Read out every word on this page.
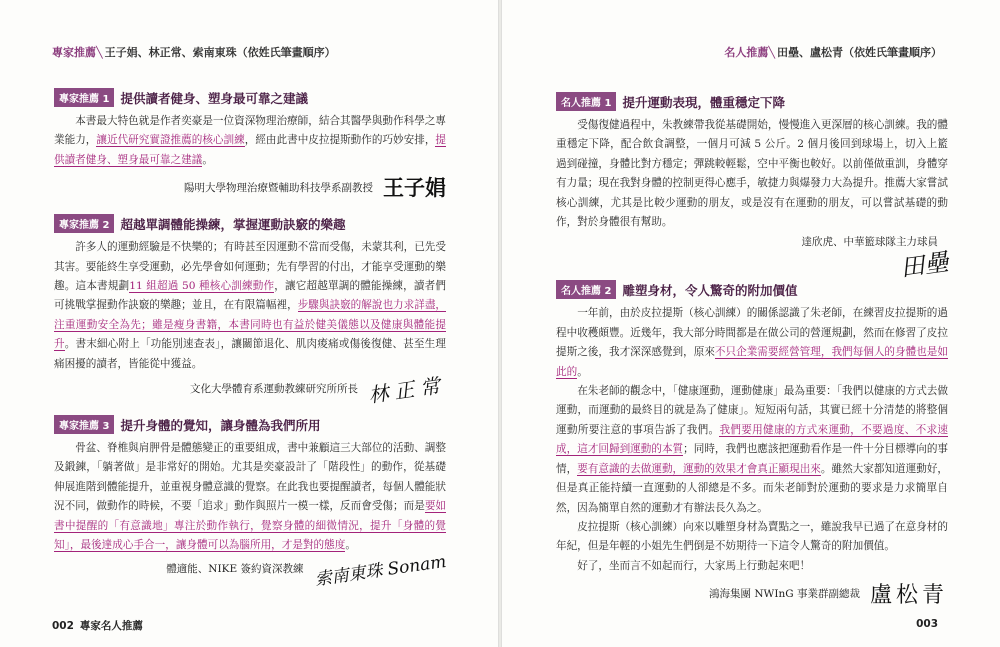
專家推薦╲ 王子娟、林正常、索南東珠（依姓氏筆畫順序）
專家推薦 1 提供讀者健身、塑身最可靠之建議

本書最大特色就是作者奕豪是一位資深物理治療師，結合其醫學與動作科學之專業能力，讓近代研究實證推薦的核心訓練，經由此書中皮拉提斯動作的巧妙安排，提供讀者健身、塑身最可靠之建議。

陽明大學物理治療暨輔助科技學系副教授 王子娟
專家推薦 2 超越單調體能操練，掌握運動訣竅的樂趣

許多人的運動經驗是不快樂的；有時甚至因運動不當而受傷，未蒙其利，已先受其害。要能終生享受運動，必先學會如何運動；先有學習的付出，才能享受運動的樂趣。這本書規劃11 組超過 50 種核心訓練動作，讓它超越單調的體能操練，讀者們可挑戰掌握動作訣竅的樂趣；並且，在有限篇幅裡，步驟與訣竅的解說也力求詳盡，注重運動安全為先；雖是瘦身書籍，本書同時也有益於健美儀態以及健康與體能提升。書末細心附上「功能別速查表」，讓關節退化、肌肉痠痛或傷後復健、甚至生理痛困擾的讀者，皆能從中獲益。

文化大學體育系運動教練研究所所長 林正常
專家推薦 3 提升身體的覺知，讓身體為我們所用

骨盆、脊椎與肩胛骨是體態變正的重要組成，書中兼顧這三大部位的活動、調整及鍛鍊，「躺著做」是非常好的開始。尤其是奕豪設計了「階段性」的動作，從基礎伸展進階到體能提升，並重視身體意識的覺察。在此我也要提醒讀者，每個人體能狀況不同，做動作的時候，不要「追求」動作與照片一模一樣，反而會受傷；而是要如書中提醒的「有意識地」專注於動作執行，覺察身體的細微情況，提升「身體的覺知」，最後達成心手合一，讓身體可以為腦所用，才是對的態度。

體適能、NIKE 簽約資深教練 索南東珠 Sonam
002 專家名人推薦
名人推薦╲ 田壘、盧松青（依姓氏筆畫順序）
名人推薦 1 提升運動表現，體重穩定下降

受傷復健過程中，朱教練帶我從基礎開始，慢慢進入更深層的核心訓練。我的體重穩定下降，配合飲食調整，一個月可減 5 公斤。2 個月後回到球場上，切入上籃過到碰撞，身體比對方穩定；彈跳較輕鬆，空中平衡也較好。以前僅做重訓，身體穿有力量；現在我對身體的控制更得心應手，敏捷力與爆發力大為提升。推薦大家嘗試核心訓練，尤其是比較少運動的朋友，或是沒有在運動的朋友，可以嘗試基礎的動作，對於身體很有幫助。

達欣虎、中華籃球隊主力球員
田壘
名人推薦 2 雕塑身材，令人驚奇的附加價值

一年前，由於皮拉提斯（核心訓練）的關係認識了朱老師，在練習皮拉提斯的過程中收穫頗豐。近幾年，我大部分時間都是在做公司的營運規劃，然而在修習了皮拉提斯之後，我才深深感覺到，原來不只企業需要經營管理，我們每個人的身體也是如此的。

在朱老師的觀念中，「健康運動，運動健康」最為重要：「我們以健康的方式去做運動，而運動的最終目的就是為了健康」。短短兩句話，其實已經十分清楚的將整個運動所要注意的事項告訴了我們。我們要用健康的方式來運動，不要過度、不求速成，這才回歸到運動的本質；同時，我們也應該把運動看作是一件十分目標導向的事情，要有意識的去做運動，運動的效果才會真正顯現出來。雖然大家都知道運動好，但是真正能持續一直運動的人卻總是不多。而朱老師對於運動的要求是力求簡單自然，因為簡單自然的運動才有辦法長久為之。

皮拉提斯（核心訓練）向來以雕塑身材為賣點之一，雖說我早已過了在意身材的年紀，但是年輕的小姐先生們倒是不妨期待一下這令人驚奇的附加價值。

好了，坐而言不如起而行，大家馬上行動起來吧！

鴻海集團 NWInG 事業群副總裁 盧松青
003
